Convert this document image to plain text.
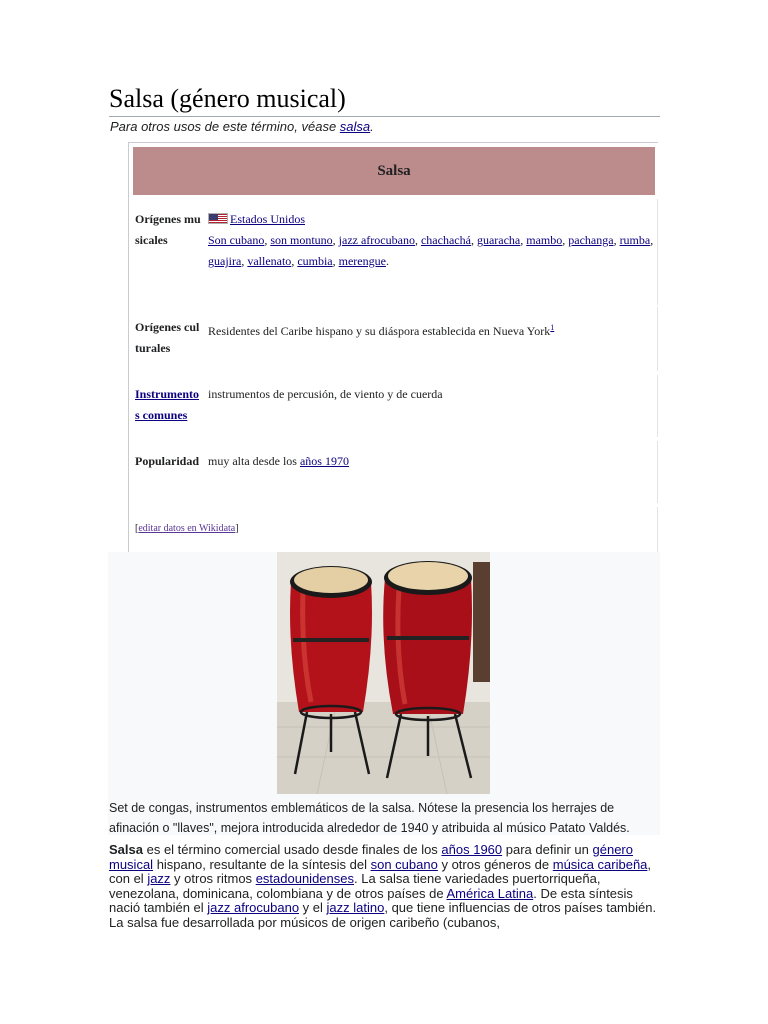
Salsa (género musical)
Para otros usos de este término, véase salsa.
Salsa
Orígenes musicales
Estados Unidos
Son cubano, son montuno, jazz afrocubano, chachachá, guaracha, mambo, pachanga, rumba, guajira, vallenato, cumbia, merengue.
Orígenes culturales
Residentes del Caribe hispano y su diáspora establecida en Nueva York$^1$
Instrumentos comunes
instrumentos de percusión, de viento y de cuerda
Popularidad muy alta desde los años 1970
[editar datos en Wikidata]
Set de congas, instrumentos emblemáticos de la salsa. Nótese la presencia los herrajes de afinación o "llaves", mejora introducida alrededor de 1940 y atribuida al músico Patato Valdés.
Salsa es el término comercial usado desde finales de los años 1960 para definir un género musical hispano, resultante de la síntesis del son cubano y otros géneros de música caribeña, con el jazz y otros ritmos estadounidenses. La salsa tiene variedades puertorriqueña, venezolana, dominicana, colombiana y de otros países de América Latina. De esta síntesis nació también el jazz afrocubano y el jazz latino, que tiene influencias de otros países también. La salsa fue desarrollada por músicos de origen caribeño (cubanos,
